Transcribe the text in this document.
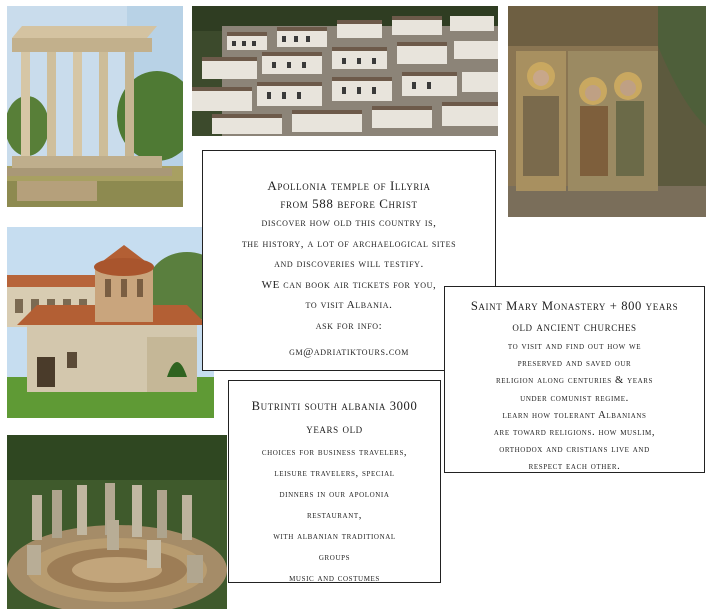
Apollonia temple of Illyria
from 588 before Christ
discover how old this country is,
the history, a lot of archaelogical sites
and discoveries will testify.
WE can book air tickets for you,
to visit Albania.
ask for info:
gm@adriatiktours.com
Saint Mary Monastery + 800 years
old ancient churches
to visit and find out how we
preserved and saved our
religion along centuries & years
under comunist regime.
learn how tolerant Albanians
are toward religions. how muslim,
orthodox and cristians live and
respect each other.
Butrinti south albania 3000
years old
choices for business travelers,
leisure travelers, special
dinners in our apolonia
restaurant,
with albanian traditional
groups
music and costumes
